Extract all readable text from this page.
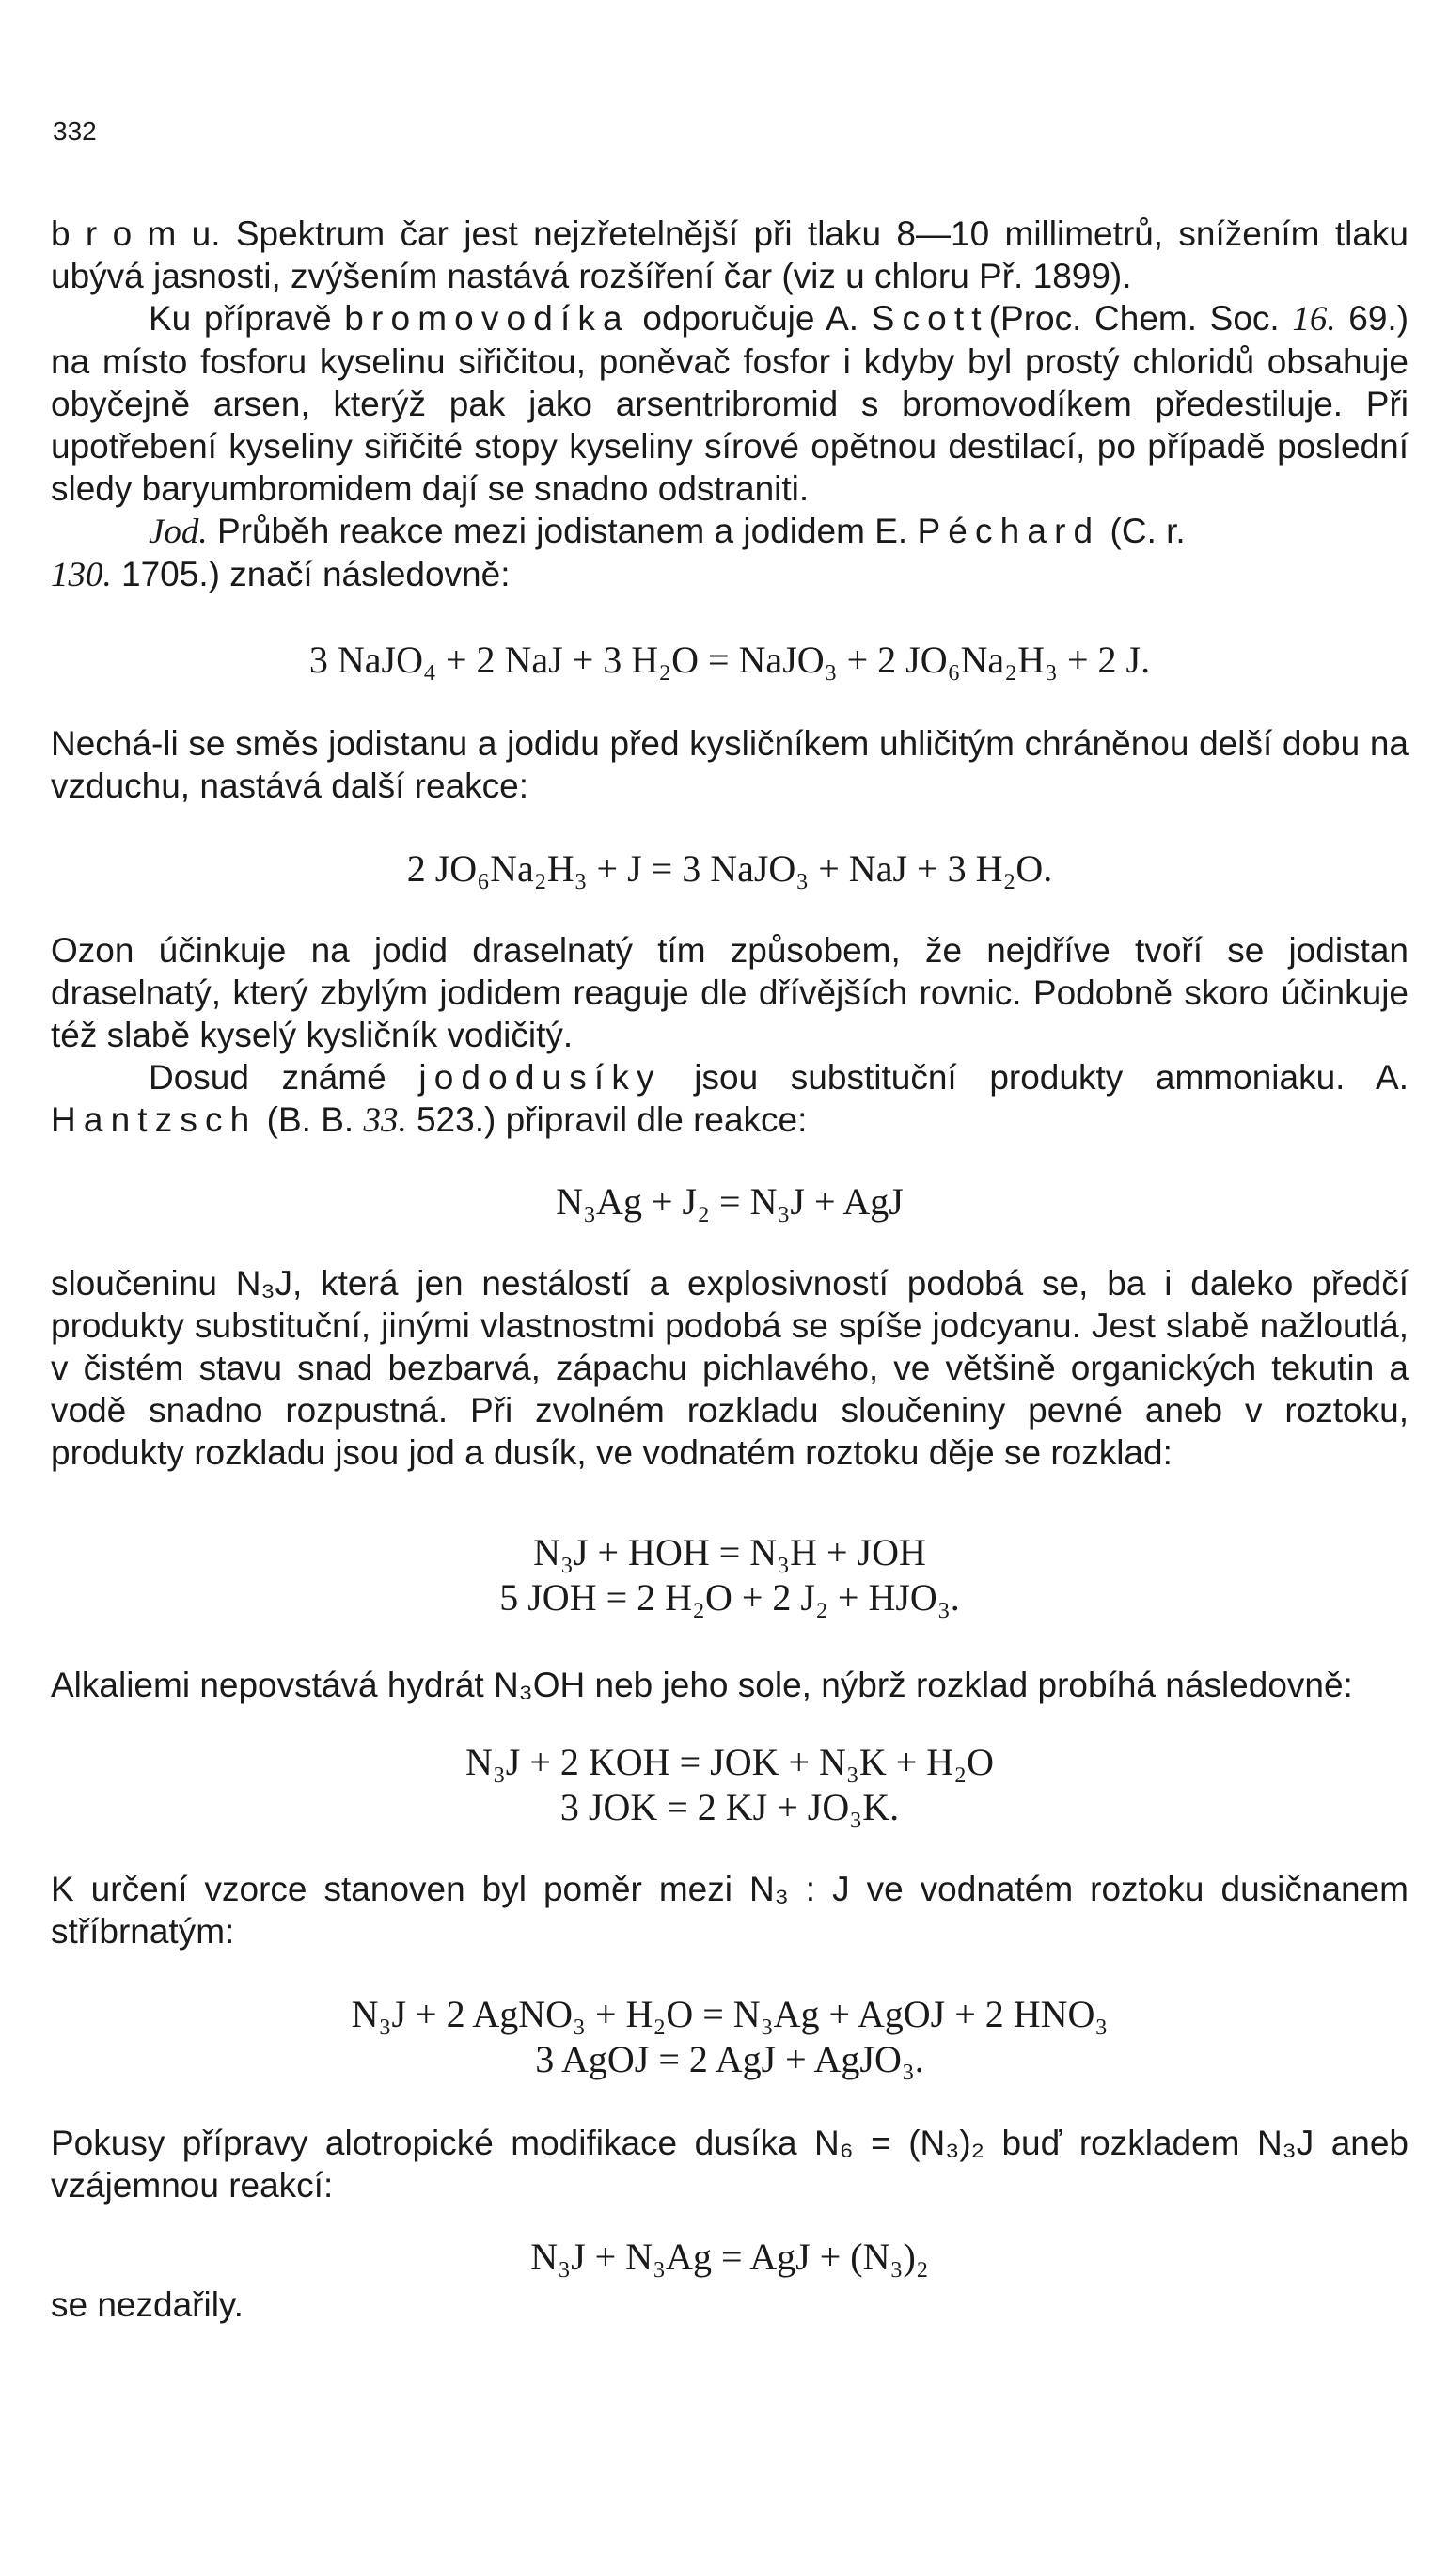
332

b r o m u. Spektrum čar jest nejzřetelnější při tlaku 8—10 millimetrů, snížením tlaku ubývá jasnosti, zvýšením nastává rozšíření čar (viz u chloru Př. 1899).

Ku přípravě bromovodíka odporučuje A. Scott(Proc. Chem. Soc. 16. 69.) na místo fosforu kyselinu siřičitou, poněvač fosfor i kdyby byl prostý chloridů obsahuje obyčejně arsen, kterýž pak jako arsentribromid s bromovodíkem předestiluje. Při upotřebení kyseliny siřičité stopy kyseliny sírové opětnou destilací, po případě poslední sledy baryumbromidem dají se snadno odstraniti.

Jod. Průběh reakce mezi jodistanem a jodidem E. Péchard (C. r.
130. 1705.) značí následovně:

3 NaJO₄ + 2 NaJ + 3 H₂O = NaJO₃ + 2 JO₆Na₂H₃ + 2 J.

Nechá-li se směs jodistanu a jodidu před kysličníkem uhličitým chráněnou delší dobu na vzduchu, nastává další reakce:

2 JO₆Na₂H₃ + J = 3 NaJO₃ + NaJ + 3 H₂O.

Ozon účinkuje na jodid draselnatý tím způsobem, že nejdříve tvoří se jodistan draselnatý, který zbylým jodidem reaguje dle dřívějších rovnic. Podobně skoro účinkuje též slabě kyselý kysličník vodičitý.

Dosud známé jododusíky jsou substituční produkty ammoniaku. A. Hantzsch (B. B. 33. 523.) připravil dle reakce:

N₃Ag + J₂ = N₃J + AgJ

sloučeninu N₃J, která jen nestálostí a explosivností podobá se, ba i daleko předčí produkty substituční, jinými vlastnostmi podobá se spíše jodcyanu. Jest slabě nažloutlá, v čistém stavu snad bezbarvá, zápachu pichlavého, ve většině organických tekutin a vodě snadno rozpustná. Při zvolném rozkladu sloučeniny pevné aneb v roztoku, produkty rozkladu jsou jod a dusík, ve vodnatém roztoku děje se rozklad:

N₃J + HOH = N₃H + JOH
5 JOH = 2 H₂O + 2 J₂ + HJO₃.

Alkaliemi nepovstává hydrát N₃OH neb jeho sole, nýbrž rozklad probíhá následovně:

N₃J + 2 KOH = JOK + N₃K + H₂O
3 JOK = 2 KJ + JO₃K.

K určení vzorce stanoven byl poměr mezi N₃ : J ve vodnatém roztoku dusičnanem stříbrnatým:

N₃J + 2 AgNO₃ + H₂O = N₃Ag + AgOJ + 2 HNO₃
3 AgOJ = 2 AgJ + AgJO₃.

Pokusy přípravy alotropické modifikace dusíka N₆ = (N₃)₂ buď rozkladem N₃J aneb vzájemnou reakcí:

N₃J + N₃Ag = AgJ + (N₃)₂

se nezdařily.
